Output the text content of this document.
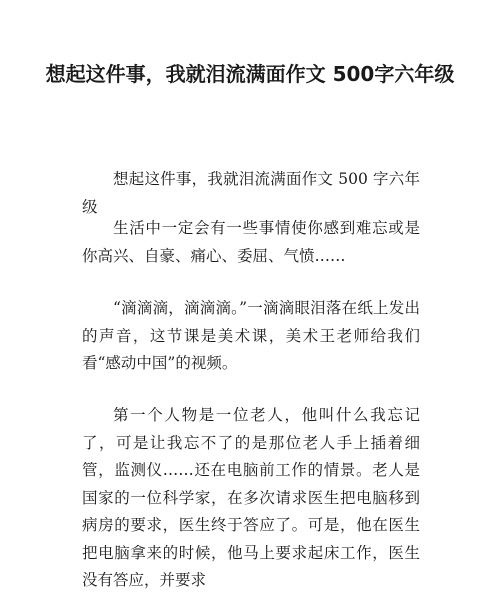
想起这件事，我就泪流满面作文 500字六年级

想起这件事，我就泪流满面作文 500 字六年级

生活中一定会有一些事情使你感到难忘或是你高兴、自豪、痛心、委屈、气愤……

“滴滴滴，滴滴滴。”一滴滴眼泪落在纸上发出的声音，这节课是美术课，美术王老师给我们看“感动中国”的视频。

第一个人物是一位老人，他叫什么我忘记了，可是让我忘不了的是那位老人手上插着细管，监测仪……还在电脑前工作的情景。老人是国家的一位科学家，在多次请求医生把电脑移到病房的要求，医生终于答应了。可是，他在医生把电脑拿来的时候，他马上要求起床工作，医生没有答应，并要求
